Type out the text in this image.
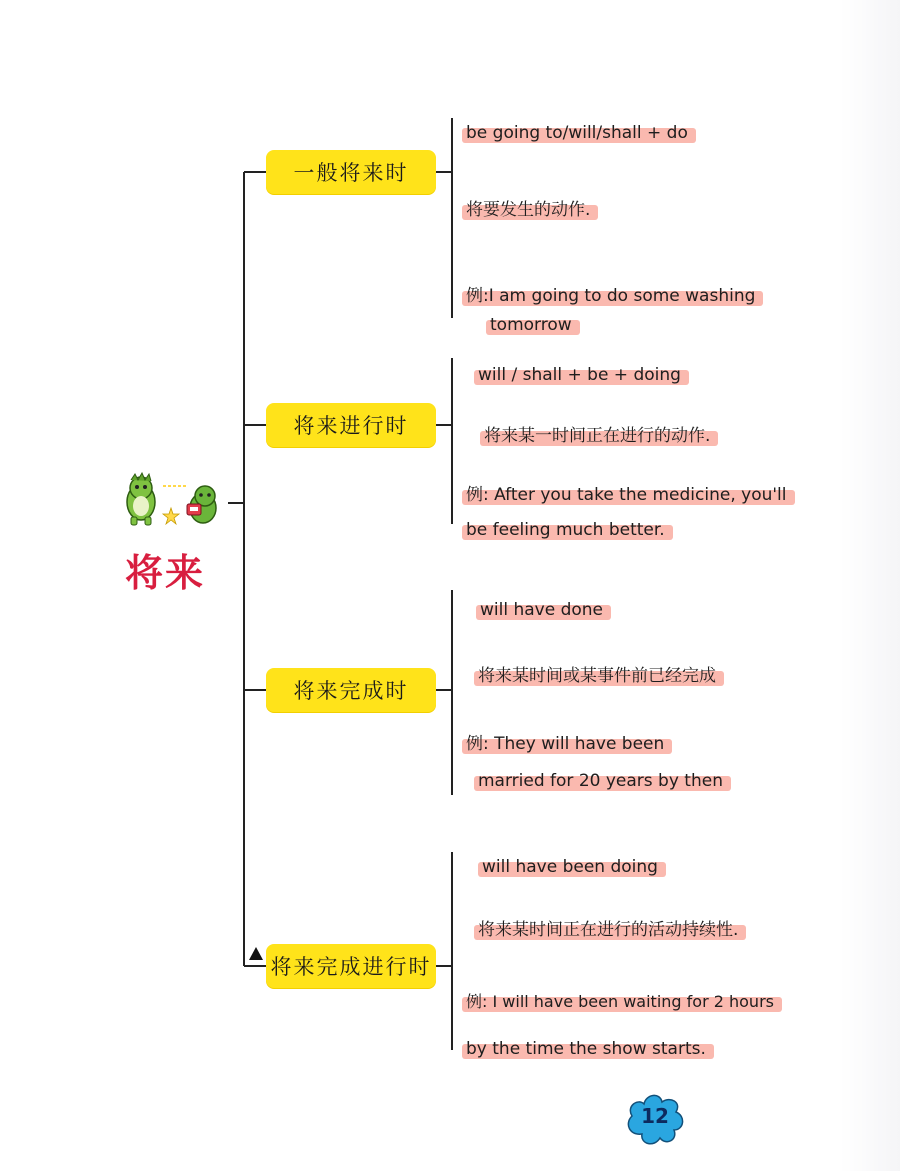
将来
一般将来时
be going to/will/shall + do
将要发生的动作.
例:I am going to do some washing
tomorrow
将来进行时
will / shall + be + doing
将来某一时间正在进行的动作.
例: After you take the medicine, you'll
be feeling much better.
将来完成时
will have done
将来某时间或某事件前已经完成
例: They will have been
married for 20 years by then
将来完成进行时
will have been doing
将来某时间正在进行的活动持续性.
例: I will have been waiting for 2 hours
by the time the show starts.
12
